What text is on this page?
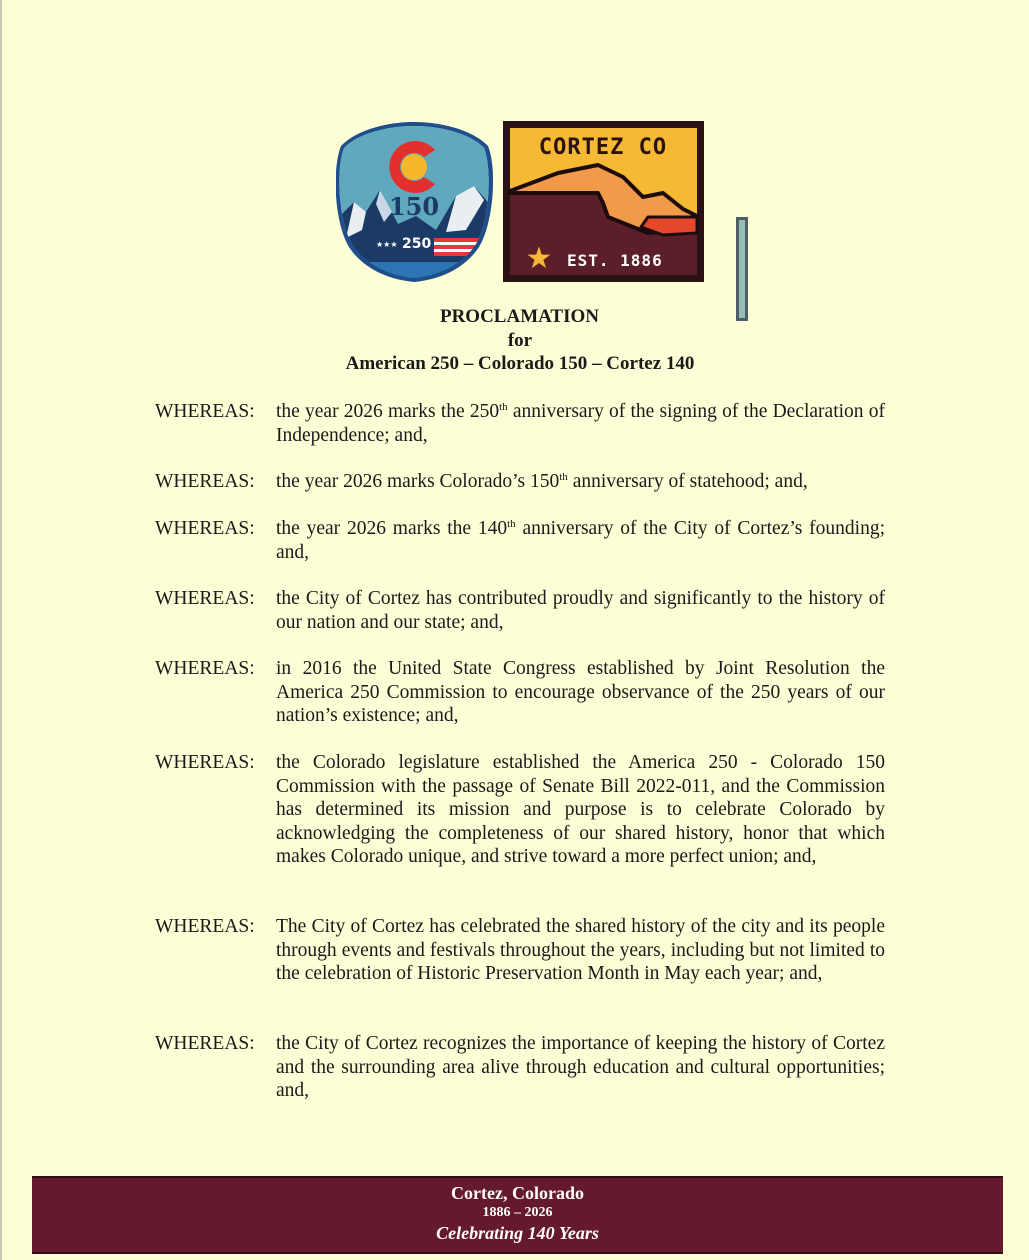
150
★★★ 250
CORTEZ CO
★ EST. 1886
PROCLAMATION
for
American 250 – Colorado 150 – Cortez 140
WHEREAS: the year 2026 marks the 250th anniversary of the signing of the Declaration of Independence; and,
WHEREAS: the year 2026 marks Colorado’s 150th anniversary of statehood; and,
WHEREAS: the year 2026 marks the 140th anniversary of the City of Cortez’s founding; and,
WHEREAS: the City of Cortez has contributed proudly and significantly to the history of our nation and our state; and,
WHEREAS: in 2016 the United State Congress established by Joint Resolution the America 250 Commission to encourage observance of the 250 years of our nation’s existence; and,
WHEREAS: the Colorado legislature established the America 250 - Colorado 150 Commission with the passage of Senate Bill 2022-011, and the Commission has determined its mission and purpose is to celebrate Colorado by acknowledging the completeness of our shared history, honor that which makes Colorado unique, and strive toward a more perfect union; and,
WHEREAS: The City of Cortez has celebrated the shared history of the city and its people through events and festivals throughout the years, including but not limited to the celebration of Historic Preservation Month in May each year; and,
WHEREAS: the City of Cortez recognizes the importance of keeping the history of Cortez and the surrounding area alive through education and cultural opportunities; and,
Cortez, Colorado
1886 – 2026
Celebrating 140 Years
